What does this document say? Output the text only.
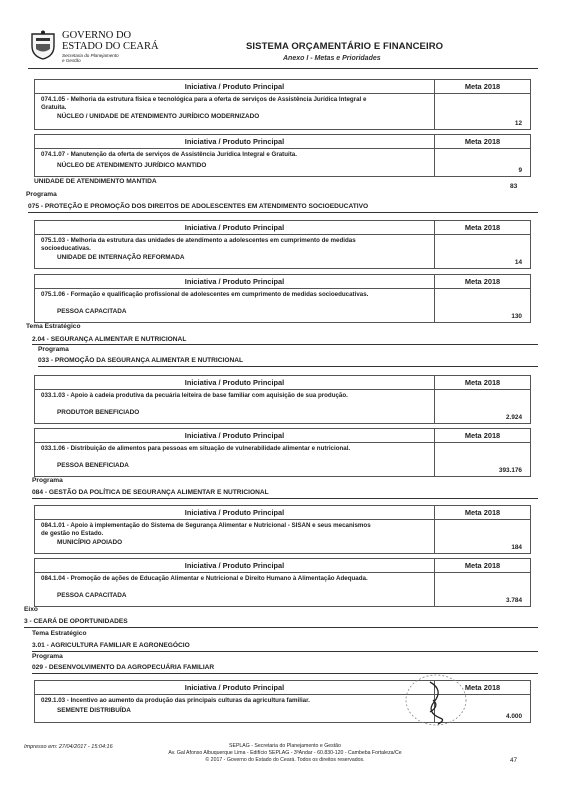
GOVERNO DO
ESTADO DO CEARÁ
Secretaria do Planejamento
e Gestão
SISTEMA ORÇAMENTÁRIO E FINANCEIRO
Anexo I - Metas e Prioridades
Iniciativa / Produto Principal	Meta 2018
074.1.05 - Melhoria da estrutura física e tecnológica para a oferta de serviços de Assistência Jurídica Integral e Gratuita.
NÚCLEO / UNIDADE DE ATENDIMENTO JURÍDICO MODERNIZADO
12
Iniciativa / Produto Principal	Meta 2018
074.1.07 - Manutenção da oferta de serviços de Assistência Jurídica Integral e Gratuita.
NÚCLEO DE ATENDIMENTO JURÍDICO MANTIDO
9
UNIDADE DE ATENDIMENTO MANTIDA
83
Programa
075 - PROTEÇÃO E PROMOÇÃO DOS DIREITOS DE ADOLESCENTES EM ATENDIMENTO SOCIOEDUCATIVO
Iniciativa / Produto Principal	Meta 2018
075.1.03 - Melhoria da estrutura das unidades de atendimento a adolescentes em cumprimento de medidas socioeducativas.
UNIDADE DE INTERNAÇÃO REFORMADA
14
Iniciativa / Produto Principal	Meta 2018
075.1.06 - Formação e qualificação profissional de adolescentes em cumprimento de medidas socioeducativas.
PESSOA CAPACITADA
130
Tema Estratégico
2.04 - SEGURANÇA ALIMENTAR E NUTRICIONAL
Programa
033 - PROMOÇÃO DA SEGURANÇA ALIMENTAR E NUTRICIONAL
Iniciativa / Produto Principal	Meta 2018
033.1.03 - Apoio à cadeia produtiva da pecuária leiteira de base familiar com aquisição de sua produção.
PRODUTOR BENEFICIADO
2.924
Iniciativa / Produto Principal	Meta 2018
033.1.06 - Distribuição de alimentos para pessoas em situação de vulnerabilidade alimentar e nutricional.
PESSOA BENEFICIADA
393.176
Programa
084 - GESTÃO DA POLÍTICA DE SEGURANÇA ALIMENTAR E NUTRICIONAL
Iniciativa / Produto Principal	Meta 2018
084.1.01 - Apoio à implementação do Sistema de Segurança Alimentar e Nutricional - SISAN e seus mecanismos de gestão no Estado.
MUNICÍPIO APOIADO
184
Iniciativa / Produto Principal	Meta 2018
084.1.04 - Promoção de ações de Educação Alimentar e Nutricional e Direito Humano à Alimentação Adequada.
PESSOA CAPACITADA
3.784
Eixo
3 - CEARÁ DE OPORTUNIDADES
Tema Estratégico
3.01 - AGRICULTURA FAMILIAR E AGRONEGÓCIO
Programa
029 - DESENVOLVIMENTO DA AGROPECUÁRIA FAMILIAR
Iniciativa / Produto Principal	Meta 2018
029.1.03 - Incentivo ao aumento da produção das principais culturas da agricultura familiar.
SEMENTE DISTRIBUÍDA
4.000
Impresso em: 27/04/2017 - 15:04:16	SEPLAG - Secretaria do Planejamento e Gestão
Av. Gal Afonso Albuquerque Lima - Edifício SEPLAG - 3ºAndar - 60.830-120 - Cambeba Fortaleza/Ce
© 2017 - Governo do Estado do Ceará. Todos os direitos reservados.	47
